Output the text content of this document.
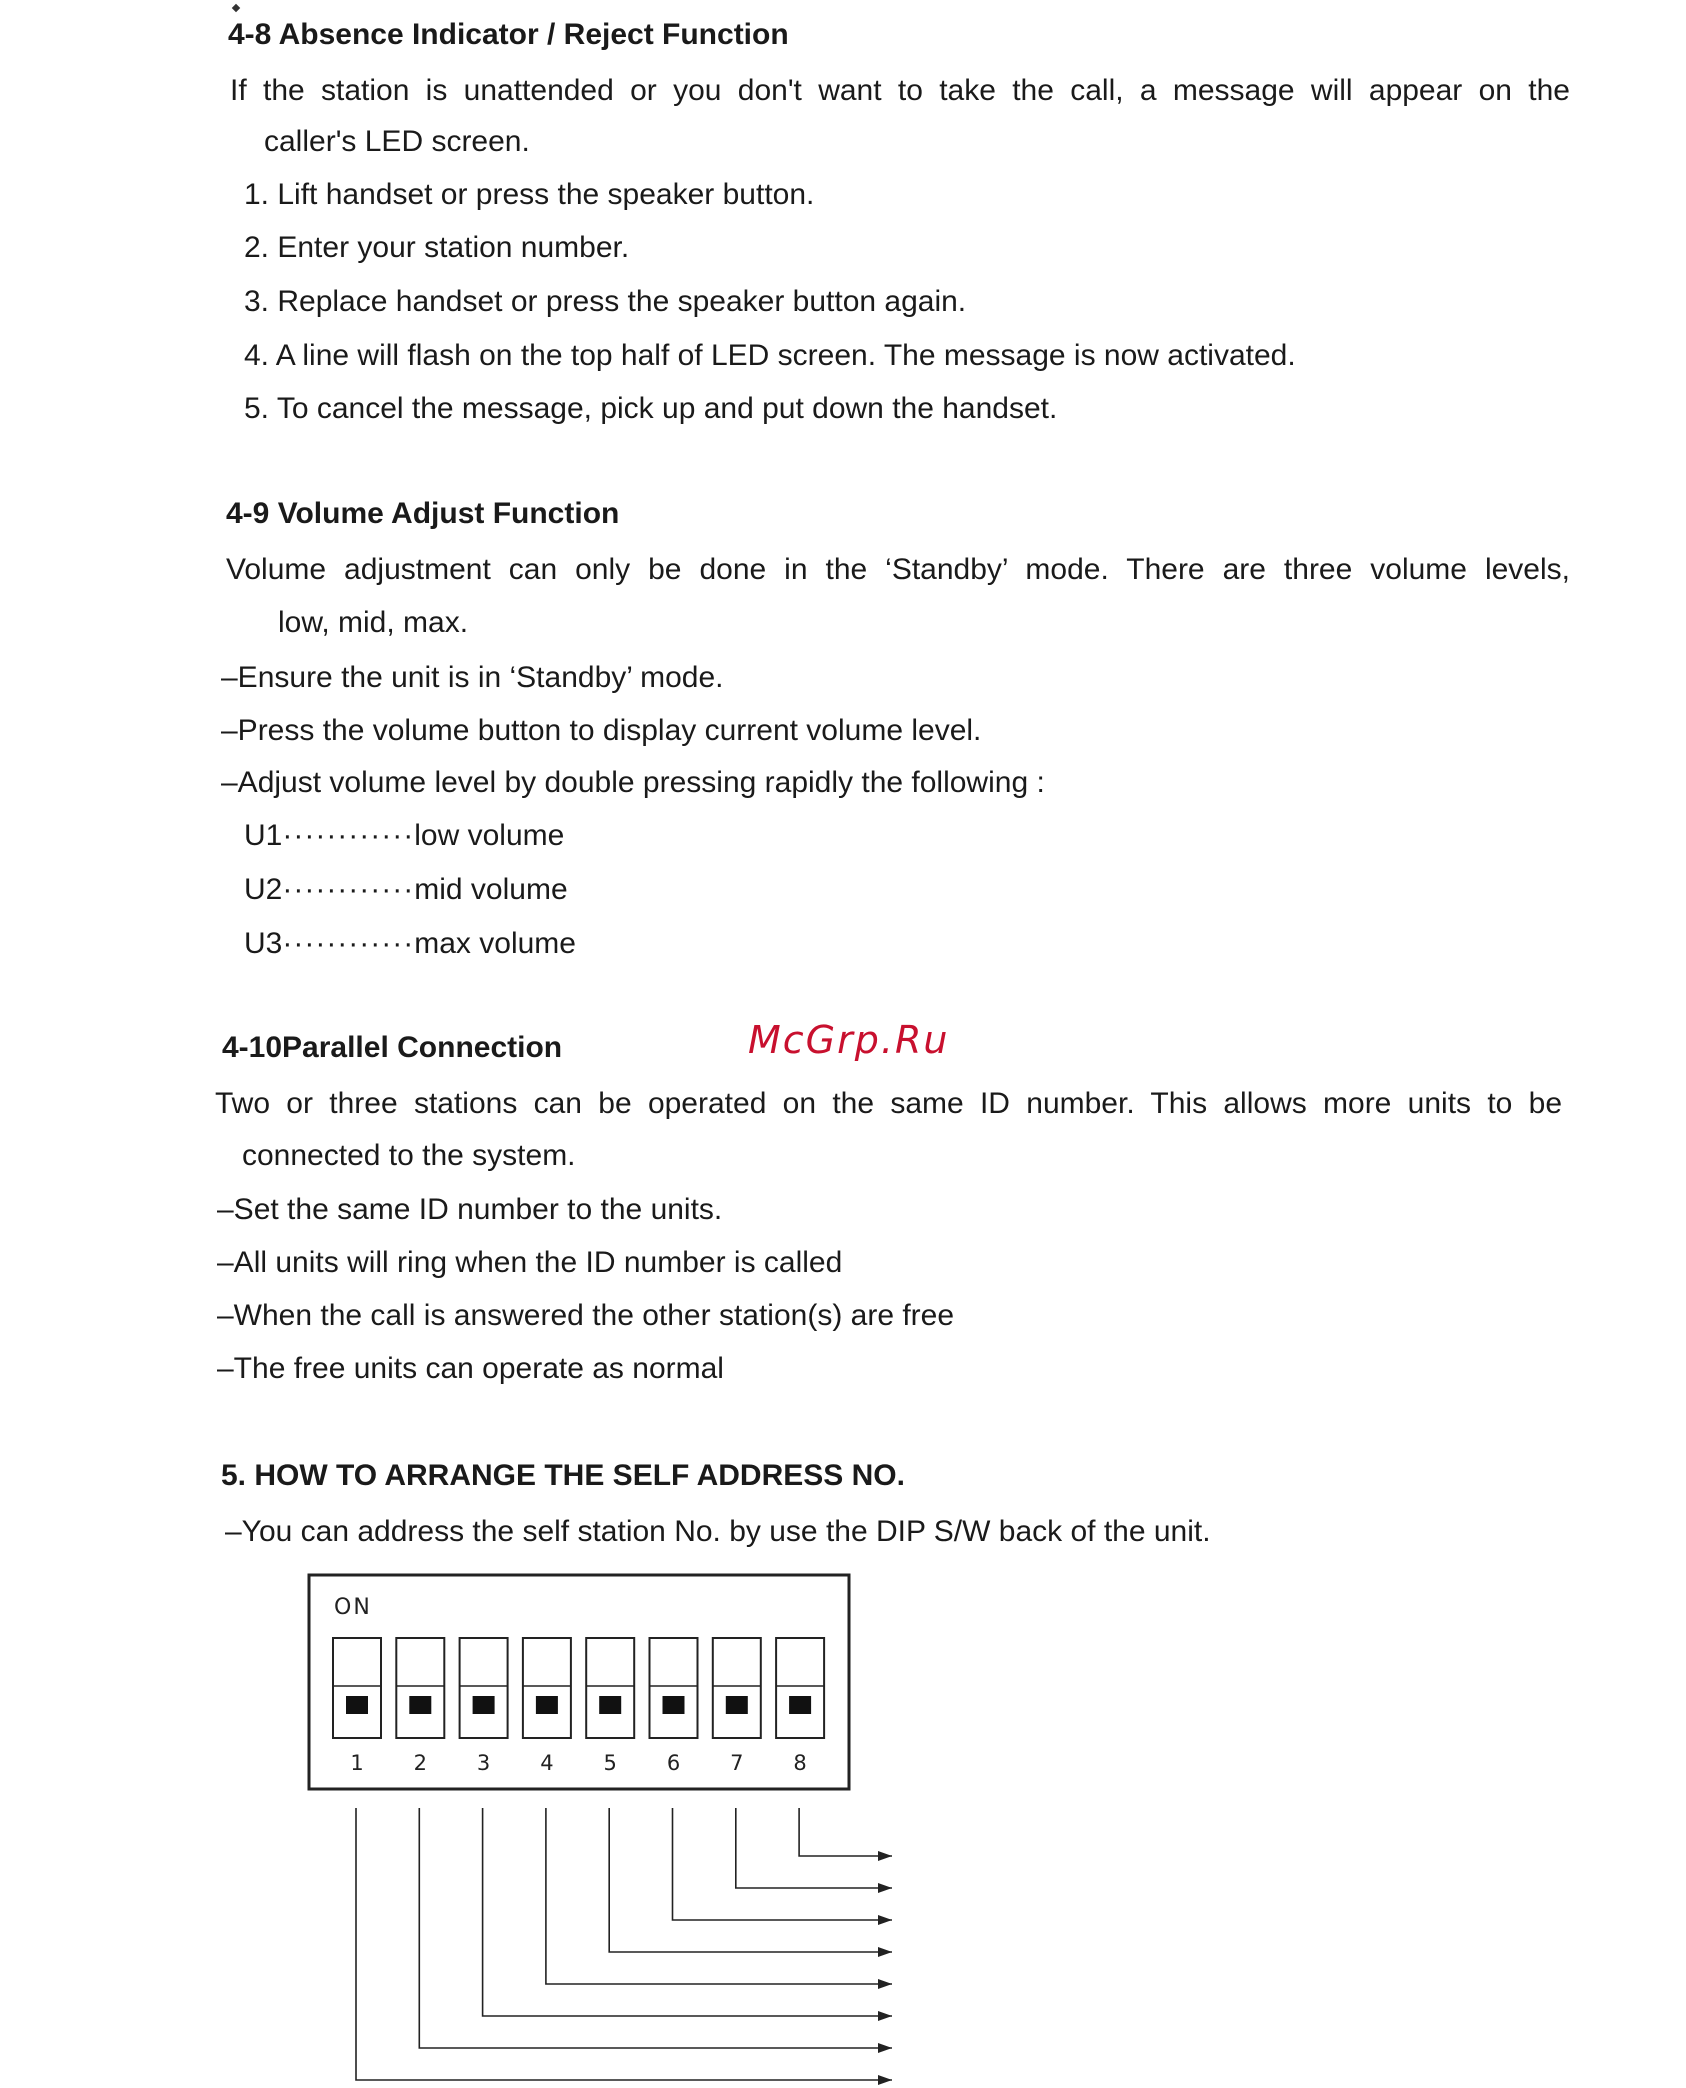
4-8 Absence Indicator / Reject Function
If the station is unattended or you don't want to take the call, a message will appear on the
caller's LED screen.
1. Lift handset or press the speaker button.
2. Enter your station number.
3. Replace handset or press the speaker button again.
4. A line will flash on the top half of LED screen. The message is now activated.
5. To cancel the message, pick up and put down the handset.
4-9 Volume Adjust Function
Volume adjustment can only be done in the ‘Standby’ mode. There are three volume levels,
low, mid, max.
–Ensure the unit is in ‘Standby’ mode.
–Press the volume button to display current volume level.
–Adjust volume level by double pressing rapidly the following :
U1············low volume
U2············mid volume
U3············max volume
4-10Parallel Connection	McGrp.Ru
Two or three stations can be operated on the same ID number. This allows more units to be
connected to the system.
–Set the same ID number to the units.
–All units will ring when the ID number is called
–When the call is answered the other station(s) are free
–The free units can operate as normal
5. HOW TO ARRANGE THE SELF ADDRESS NO.
–You can address the self station No. by use the DIP S/W back of the unit.
ON
1 2 3 4 5 6 7 8
